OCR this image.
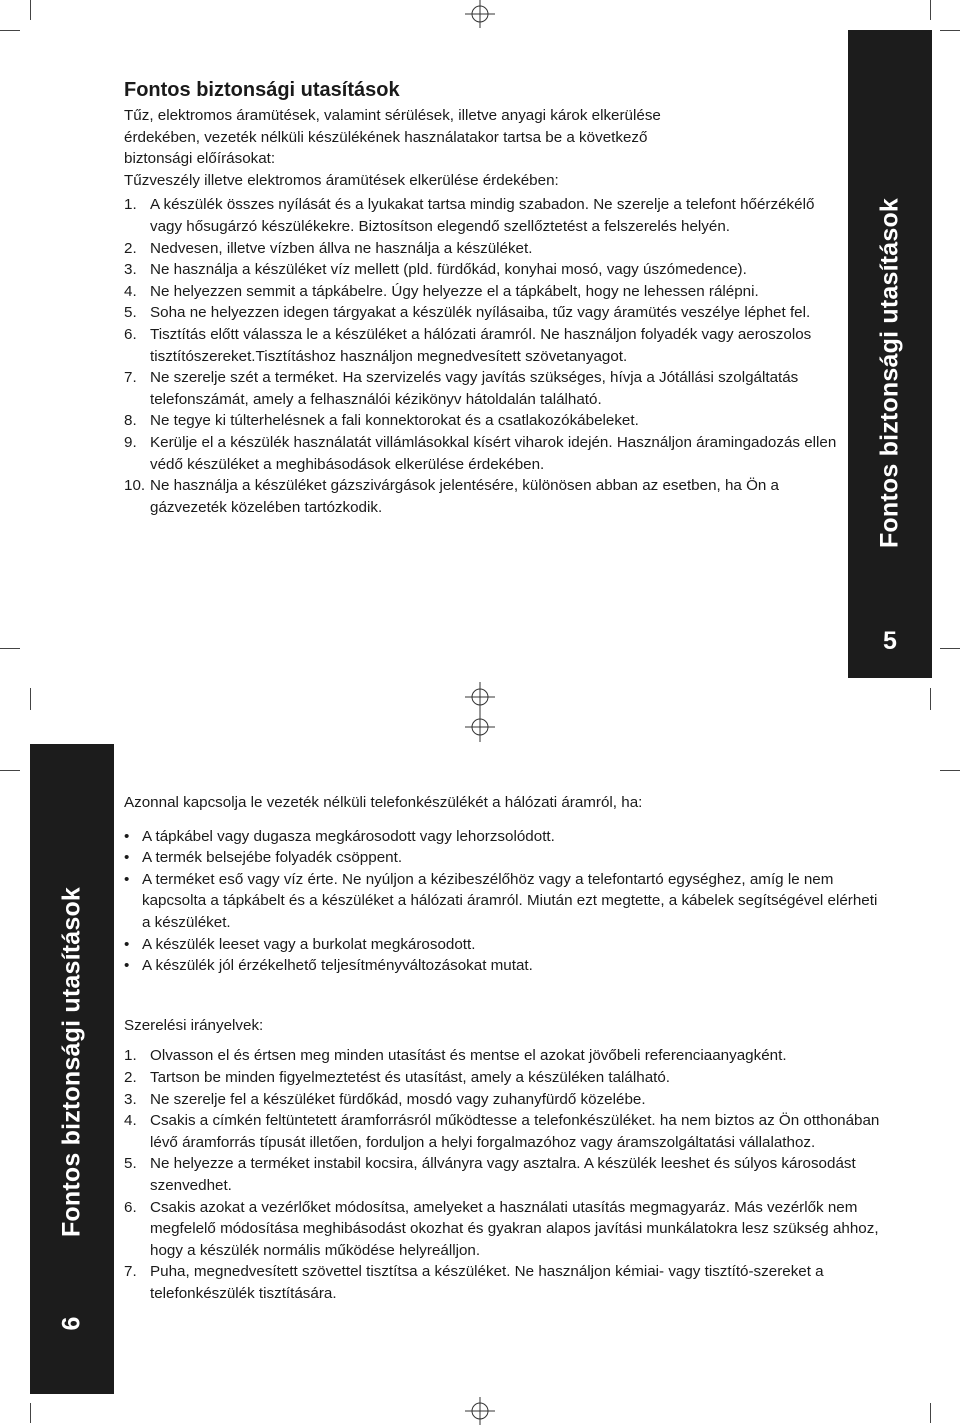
Fontos biztonsági utasítások
5
Fontos biztonsági utasítások
6
Fontos biztonsági utasítások

Tűz, elektromos áramütések, valamint sérülések, illetve anyagi károk elkerülése

érdekében, vezeték nélküli készülékének használatakor tartsa be a következő

biztonsági előírásokat:

Tűzveszély illetve elektromos áramütések elkerülése érdekében:

1. A készülék összes nyílását és a lyukakat tartsa mindig szabadon. Ne szerelje a telefont hőérzékélő vagy hősugárzó készülékekre. Biztosítson elegendő szellőztetést a felszerelés helyén.
2. Nedvesen, illetve vízben állva ne használja a készüléket.
3. Ne használja a készüléket víz mellett (pld. fürdőkád, konyhai mosó, vagy úszómedence).
4. Ne helyezzen semmit a tápkábelre. Úgy helyezze el a tápkábelt, hogy ne lehessen rálépni.
5. Soha ne helyezzen idegen tárgyakat a készülék nyílásaiba, tűz vagy áramütés veszélye léphet fel.
6. Tisztítás előtt válassza le a készüléket a hálózati áramról. Ne használjon folyadék vagy aeroszolos tisztítószereket.Tisztításhoz használjon megnedvesített szövetanyagot.
7. Ne szerelje szét a terméket. Ha szervizelés vagy javítás szükséges, hívja a Jótállási szolgáltatás telefonszámát, amely a felhasználói kézikönyv hátoldalán található.
8. Ne tegye ki túlterhelésnek a fali konnektorokat és a csatlakozókábeleket.
9. Kerülje el a készülék használatát villámlásokkal kísért viharok idején. Használjon áramingadozás ellen védő készüléket a meghibásodások elkerülése érdekében.
10. Ne használja a készüléket gázszivárgások jelentésére, különösen abban az esetben, ha Ön a gázvezeték közelében tartózkodik.

Azonnal kapcsolja le vezeték nélküli telefonkészülékét a hálózati áramról, ha:

• A tápkábel vagy dugasza megkárosodott vagy lehorzsolódott.
• A termék belsejébe folyadék csöppent.
• A terméket eső vagy víz érte. Ne nyúljon a kézibeszélőhöz vagy a telefontartó egységhez, amíg le nem kapcsolta a tápkábelt és a készüléket a hálózati áramról. Miután ezt megtette, a kábelek segítségével elérheti a készüléket.
• A készülék leeset vagy a burkolat megkárosodott.
• A készülék jól érzékelhető teljesítményváltozásokat mutat.

Szerelési irányelvek:

1. Olvasson el és értsen meg minden utasítást és mentse el azokat jövőbeli referenciaanyagként.
2. Tartson be minden figyelmeztetést és utasítást, amely a készüléken található.
3. Ne szerelje fel a készüléket fürdőkád, mosdó vagy zuhanyfürdő közelébe.
4. Csakis a címkén feltüntetett áramforrásról működtesse a telefonkészüléket. ha nem biztos az Ön otthonában lévő áramforrás típusát illetően, forduljon a helyi forgalmazóhoz vagy áramszolgáltatási vállalathoz.
5. Ne helyezze a terméket instabil kocsira, állványra vagy asztalra. A készülék leeshet és súlyos károsodást szenvedhet.
6. Csakis azokat a vezérlőket módosítsa, amelyeket a használati utasítás megmagyaráz. Más vezérlők nem megfelelő módosítása meghibásodást okozhat és gyakran alapos javítási munkálatokra lesz szükség ahhoz, hogy a készülék normális működése helyreálljon.
7. Puha, megnedvesített szövettel tisztítsa a készüléket. Ne használjon kémiai- vagy tisztító-szereket a telefonkészülék tisztítására.
